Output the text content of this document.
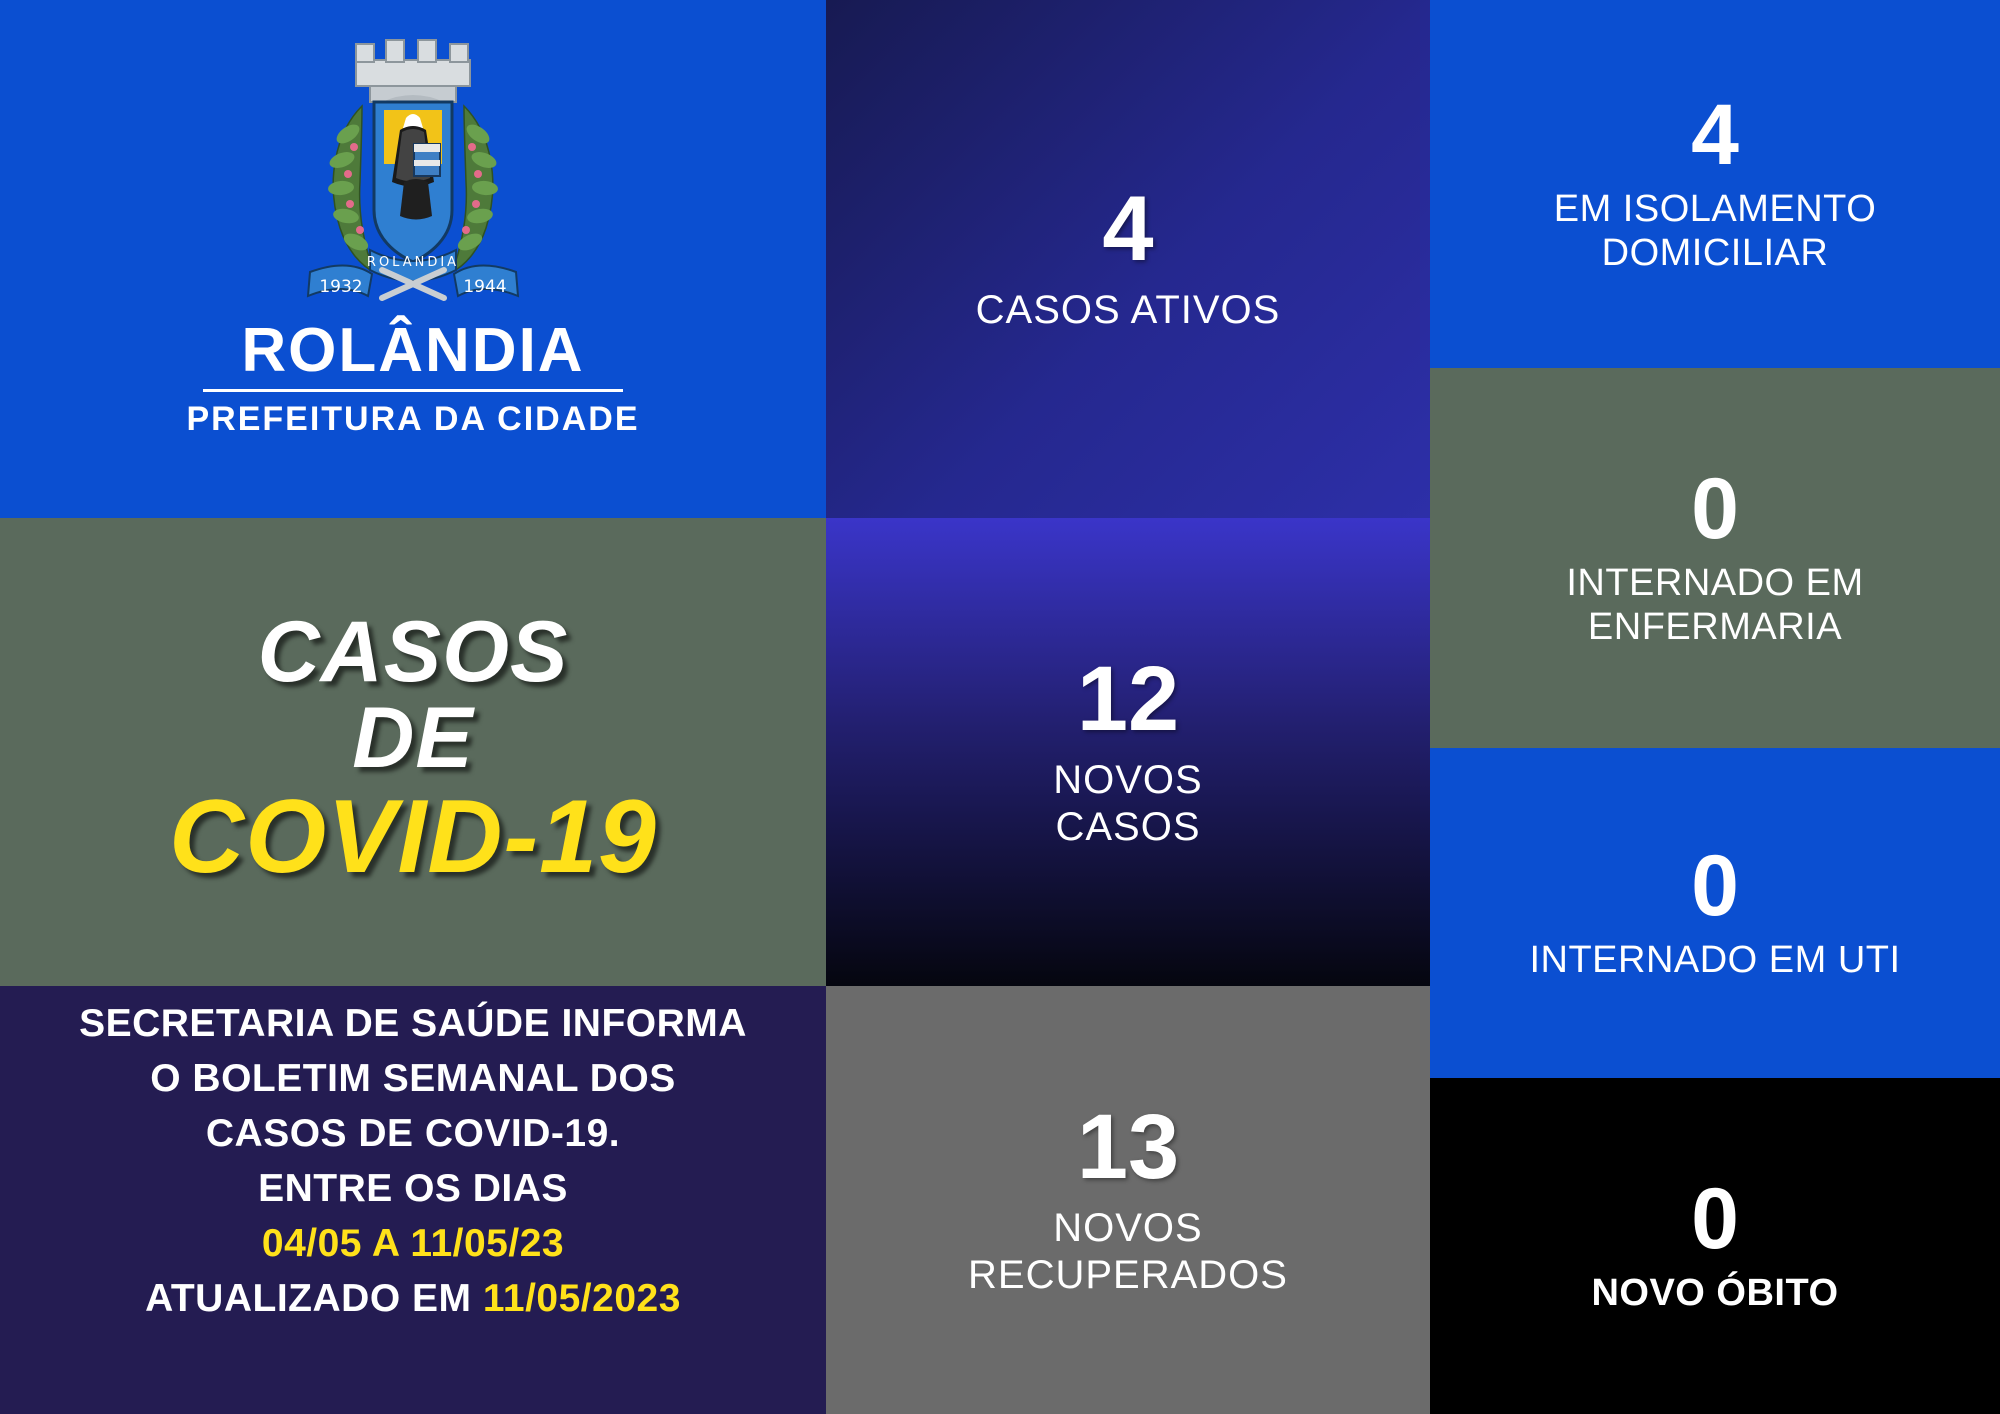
ROLANDIA
1932	1944
ROLÂNDIA
PREFEITURA DA CIDADE
CASOS
DE
COVID-19
SECRETARIA DE SAÚDE INFORMA
O BOLETIM SEMANAL DOS
CASOS DE COVID-19.
ENTRE OS DIAS
04/05 A 11/05/23
ATUALIZADO EM 11/05/2023
4
CASOS ATIVOS
12
NOVOS
CASOS
13
NOVOS
RECUPERADOS
4
EM ISOLAMENTO
DOMICILIAR
0
INTERNADO EM
ENFERMARIA
0
INTERNADO EM UTI
0
NOVO ÓBITO
